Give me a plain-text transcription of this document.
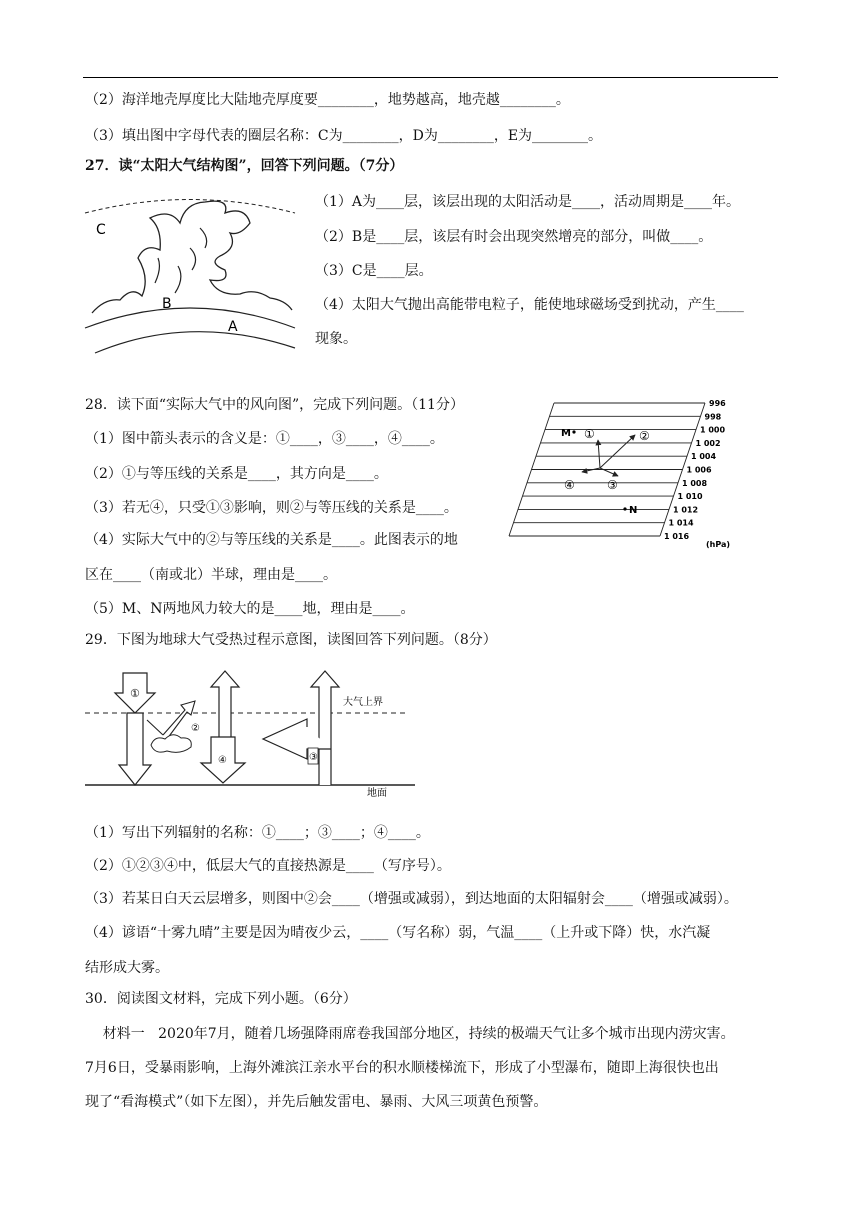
（2）海洋地壳厚度比大陆地壳厚度要________，地势越高，地壳越________。
（3）填出图中字母代表的圈层名称：C为________，D为________，E为________。
27．读“太阳大气结构图”，回答下列问题。（7分）
C
B
A
（1）A为____层，该层出现的太阳活动是____，活动周期是____年。
（2）B是____层，该层有时会出现突然增亮的部分，叫做____。
（3）C是____层。
（4）太阳大气抛出高能带电粒子，能使地球磁场受到扰动，产生____
现象。
28．读下面“实际大气中的风向图”，完成下列问题。（11分）
（1）图中箭头表示的含义是：①____，③____，④____。
（2）①与等压线的关系是____，其方向是____。
（3）若无④，只受①③影响，则②与等压线的关系是____。
（4）实际大气中的②与等压线的关系是____。此图表示的地
区在____（南或北）半球，理由是____。
（5）M、N两地风力较大的是____地，理由是____。
996
998
1 000
1 002
1 004
1 006
1 008
1 010
1 012
1 014
1 016
(hPa)
M
N
①	②
③
④
29．下图为地球大气受热过程示意图，读图回答下列问题。（8分）
大气上界
地面
①
②
④	③
（1）写出下列辐射的名称：①____；③____；④____。
（2）①②③④中，低层大气的直接热源是____（写序号）。
（3）若某日白天云层增多，则图中②会____（增强或减弱），到达地面的太阳辐射会____（增强或减弱）。
（4）谚语“十雾九晴”主要是因为晴夜少云，____（写名称）弱，气温____（上升或下降）快，水汽凝
结形成大雾。
30．阅读图文材料，完成下列小题。（6分）
材料一   2020年7月，随着几场强降雨席卷我国部分地区，持续的极端天气让多个城市出现内涝灾害。
7月6日，受暴雨影响，上海外滩滨江亲水平台的积水顺楼梯流下，形成了小型瀑布，随即上海很快也出
现了“看海模式”（如下左图），并先后触发雷电、暴雨、大风三项黄色预警。
